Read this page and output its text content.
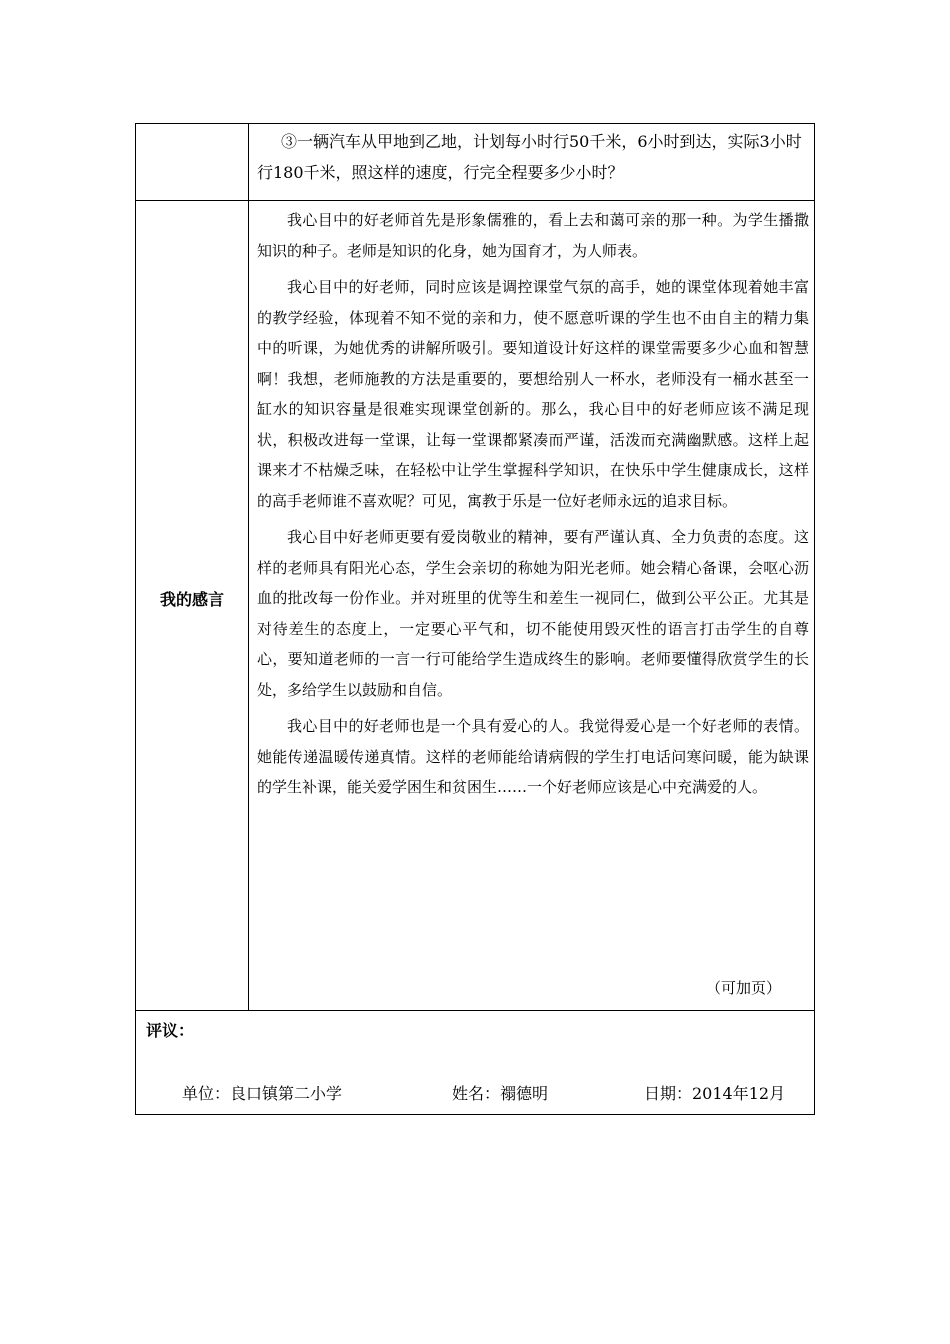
③一辆汽车从甲地到乙地，计划每小时行50千米，6小时到达，实际3小时行180千米，照这样的速度，行完全程要多少小时？

我的感言

我心目中的好老师首先是形象儒雅的，看上去和蔼可亲的那一种。为学生播撒知识的种子。老师是知识的化身，她为国育才，为人师表。

我心目中的好老师，同时应该是调控课堂气氛的高手，她的课堂体现着她丰富的教学经验，体现着不知不觉的亲和力，使不愿意听课的学生也不由自主的精力集中的听课，为她优秀的讲解所吸引。要知道设计好这样的课堂需要多少心血和智慧啊！我想，老师施教的方法是重要的，要想给别人一杯水，老师没有一桶水甚至一缸水的知识容量是很难实现课堂创新的。那么，我心目中的好老师应该不满足现状，积极改进每一堂课，让每一堂课都紧凑而严谨，活泼而充满幽默感。这样上起课来才不枯燥乏味，在轻松中让学生掌握科学知识，在快乐中学生健康成长，这样的高手老师谁不喜欢呢？可见，寓教于乐是一位好老师永远的追求目标。

我心目中好老师更要有爱岗敬业的精神，要有严谨认真、全力负责的态度。这样的老师具有阳光心态，学生会亲切的称她为阳光老师。她会精心备课，会呕心沥血的批改每一份作业。并对班里的优等生和差生一视同仁，做到公平公正。尤其是对待差生的态度上，一定要心平气和，切不能使用毁灭性的语言打击学生的自尊心，要知道老师的一言一行可能给学生造成终生的影响。老师要懂得欣赏学生的长处，多给学生以鼓励和自信。

我心目中的好老师也是一个具有爱心的人。我觉得爱心是一个好老师的表情。她能传递温暖传递真情。这样的老师能给请病假的学生打电话问寒问暖，能为缺课的学生补课，能关爱学困生和贫困生……一个好老师应该是心中充满爱的人。

（可加页）
评议：
单位：良口镇第二小学	姓名：禤德明	日期：2014年12月
